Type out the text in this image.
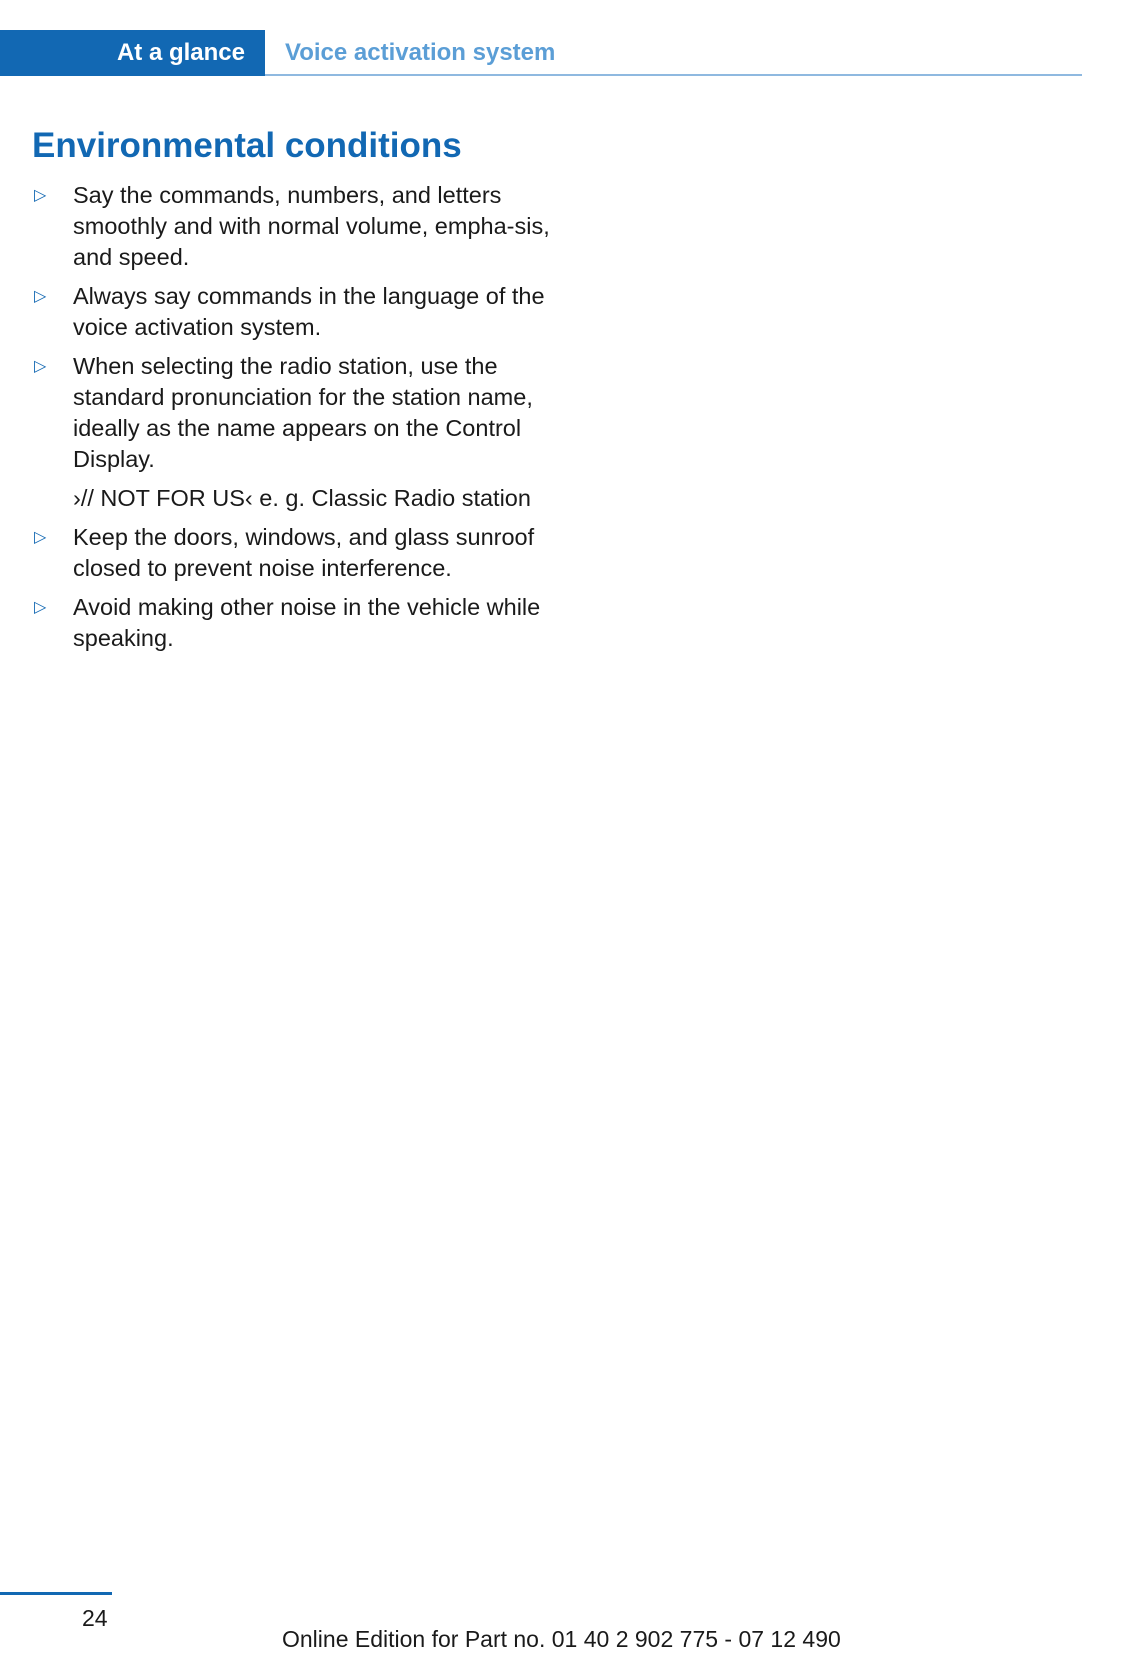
At a glance	Voice activation system
Environmental conditions
▷ Say the commands, numbers, and letters smoothly and with normal volume, empha-sis, and speed.
▷ Always say commands in the language of the voice activation system.
▷ When selecting the radio station, use the standard pronunciation for the station name, ideally as the name appears on the Control Display.
›// NOT FOR US‹ e. g. Classic Radio station
▷ Keep the doors, windows, and glass sunroof closed to prevent noise interference.
▷ Avoid making other noise in the vehicle while speaking.
24
Online Edition for Part no. 01 40 2 902 775 - 07 12 490
